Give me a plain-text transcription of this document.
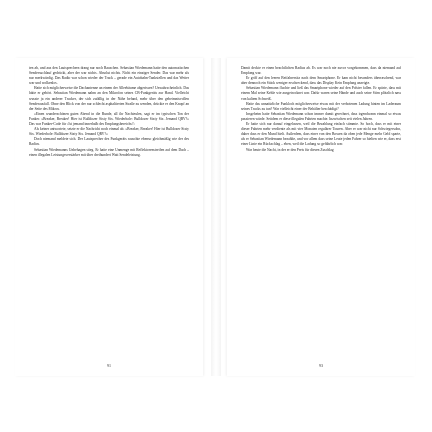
ten ab, und aus den Lautsprechern drang nur noch Rauschen. Sebastian Wiedemann hatte den automatischen Sendersuchlauf gedrückt, aber der war nichts. Absolut nichts. Nicht ein einziger Sender. Das war mehr als nur merkwürdig. Das Radio war schon wieder der Track – gerade ein Autobahn-Tankstellen und das Wetter war und wolkenlos.

Hatte sich möglicherweise die Dachantenne an einem der Alleebäume abgerissen? Unwahrscheinlich. Das hätte er gehört. Sebastian Wiedemann nahm an den Mikrofon seines CB-Funkgeräts zur Hand. Vielleicht wusste ja ein anderer Trucker, der sich zufällig in der Nähe befand, mehr über den geheimnisvollen Senderausfall. Ohne den Blick von der nur schlecht asphaltierten Straße zu wenden, drückte er den Knopf an der Seite des Mikros.

»Einen wunderschönen guten Abend in die Runde, all ihr Nachteulen, sagt er im typischen Ton der Funker. »Breaker, Breaker! Hier ist Bulldozer Sixty Six. Wiederhole: Bulldozer Sixty Six. Jemand QRV?« Das war Funker-Code für ›Ist jemand innerhalb des Empfangsbereichs?‹

Als keiner antwortete, setzte er die Nachricht noch einmal ab. »Breaker, Breaker! Hier ist Bulldozer Sixty Six. Wiederhole: Bulldozer Sixty Six. Jemand QRV?«

Doch niemand meldete sich. Der Lautsprecher des Funkgeräts rauschte ebenso gleichmäßig wie der des Radios.

Sebastian Wiedemanns Unbehagen stieg. Er hatte eine Unmenge mit Reflektorenstreifen auf dem Dach – einen illegalen Leistungsverstärker mit über dreihundert Watt Sendeleistung.

91

Damit deckte er einen beachtlichen Radius ab. Es war noch nie zuvor vorgekommen, dass da niemand auf Empfang war.

Er griff auf den leeren Beifahrersitz nach dem Smartphone. Er kam nicht besonders überraschend, war aber dennoch ein Stück weniger erschreckend, dass das Display Kein Empfang anzeigte.

Sebastian Wiedemann fluchte und ließ das Smartphone wieder auf den Polster fallen. Er spürte, dass mit einem Mal seine Kehle wie ausgetrocknet war. Dafür waren seine Hände und auch seine Stirn plötzlich nass von kaltem Schweiß.

Hatte das unnatürliche Funkloch möglicherweise etwas mit der verbotenen Ladung hinten im Laderaum seines Trucks zu tun? War vielleicht einer der Behälter beschädigt?

Insgeheim hatte Sebastian Wiedemann schon immer damit gerechnet, dass irgendwann einmal so etwas passieren würde. Seitdem er diese illegalen Fahrten machte. Inzwischen seit vielen Jahren.

Er hatte sich nur darauf eingelassen, weil die Bezahlung einfach stimmte. So hoch, dass er mit einer dieser Fahrten mehr verdiente als mit vier Monaten regulärer Touren. Aber er war nicht nur Schwiegersohn, daher dass er den Mund hielt. Außerdem, dass einer von den Bossen da oben jede Menge mehr Geld sparte, als er Sebastian Wiedemann bezahlte, und vor allem dass seine Leute jeden Fahrer so hielten wie er, dass erst einer Linie ein Rückschlag – eben, weil die Ladung so gefährlich war.

War heute die Nacht, in der er den Preis für diesen Zuschlag

93
